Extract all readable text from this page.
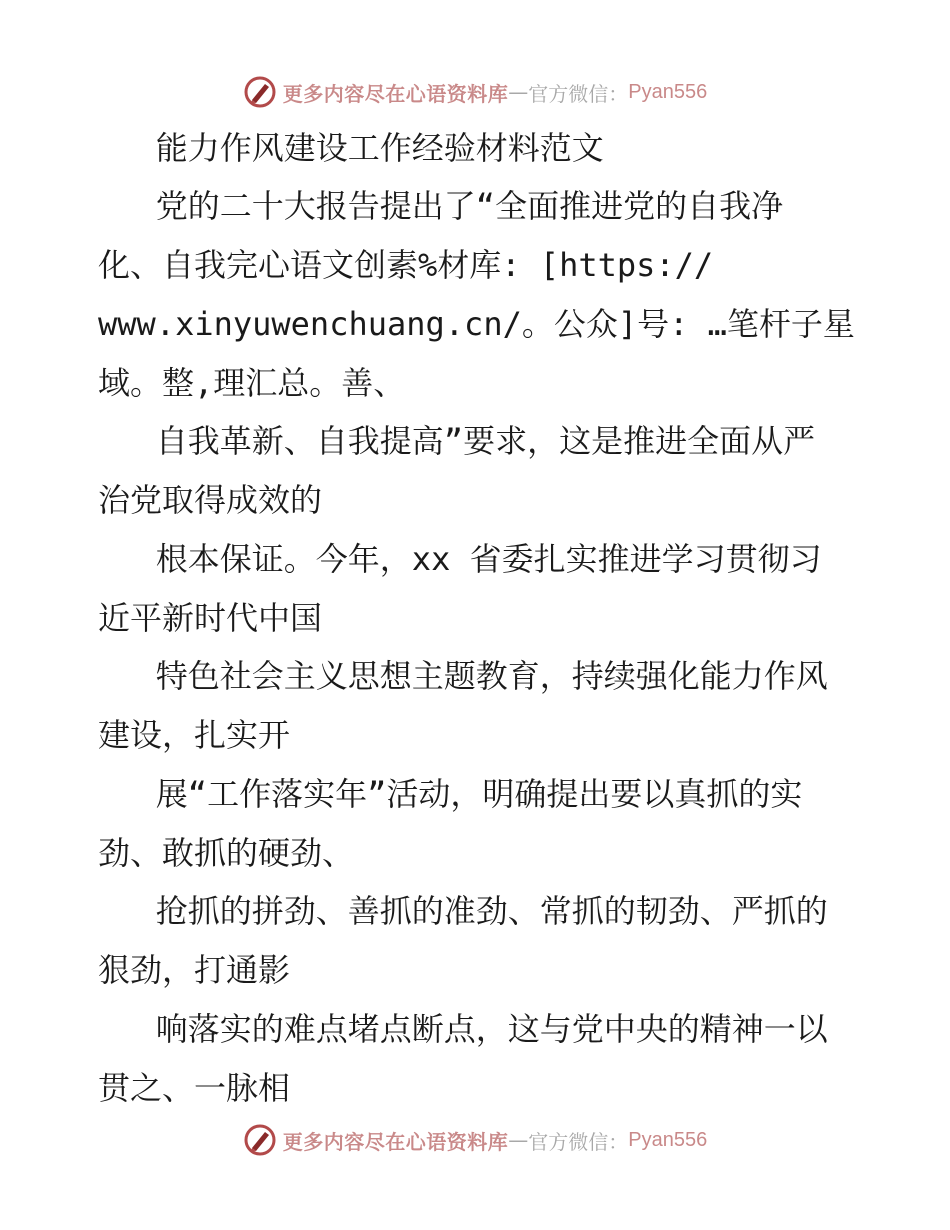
更多内容尽在心语资料库 — 官方微信： Pyan556
能力作风建设工作经验材料范文
党的二十大报告提出了“全面推进党的自我净
化、自我完心语文创素%材库: [https://
www.xinyuwenchuang.cn/。公众]号: …笔杆子星
域。整,理汇总。善、
自我革新、自我提高”要求，这是推进全面从严
治党取得成效的
根本保证。今年，xx 省委扎实推进学习贯彻习
近平新时代中国
特色社会主义思想主题教育，持续强化能力作风
建设，扎实开
展“工作落实年”活动，明确提出要以真抓的实
劲、敢抓的硬劲、
抢抓的拼劲、善抓的准劲、常抓的韧劲、严抓的
狠劲，打通影
响落实的难点堵点断点，这与党中央的精神一以
贯之、一脉相
更多内容尽在心语资料库 — 官方微信： Pyan556
